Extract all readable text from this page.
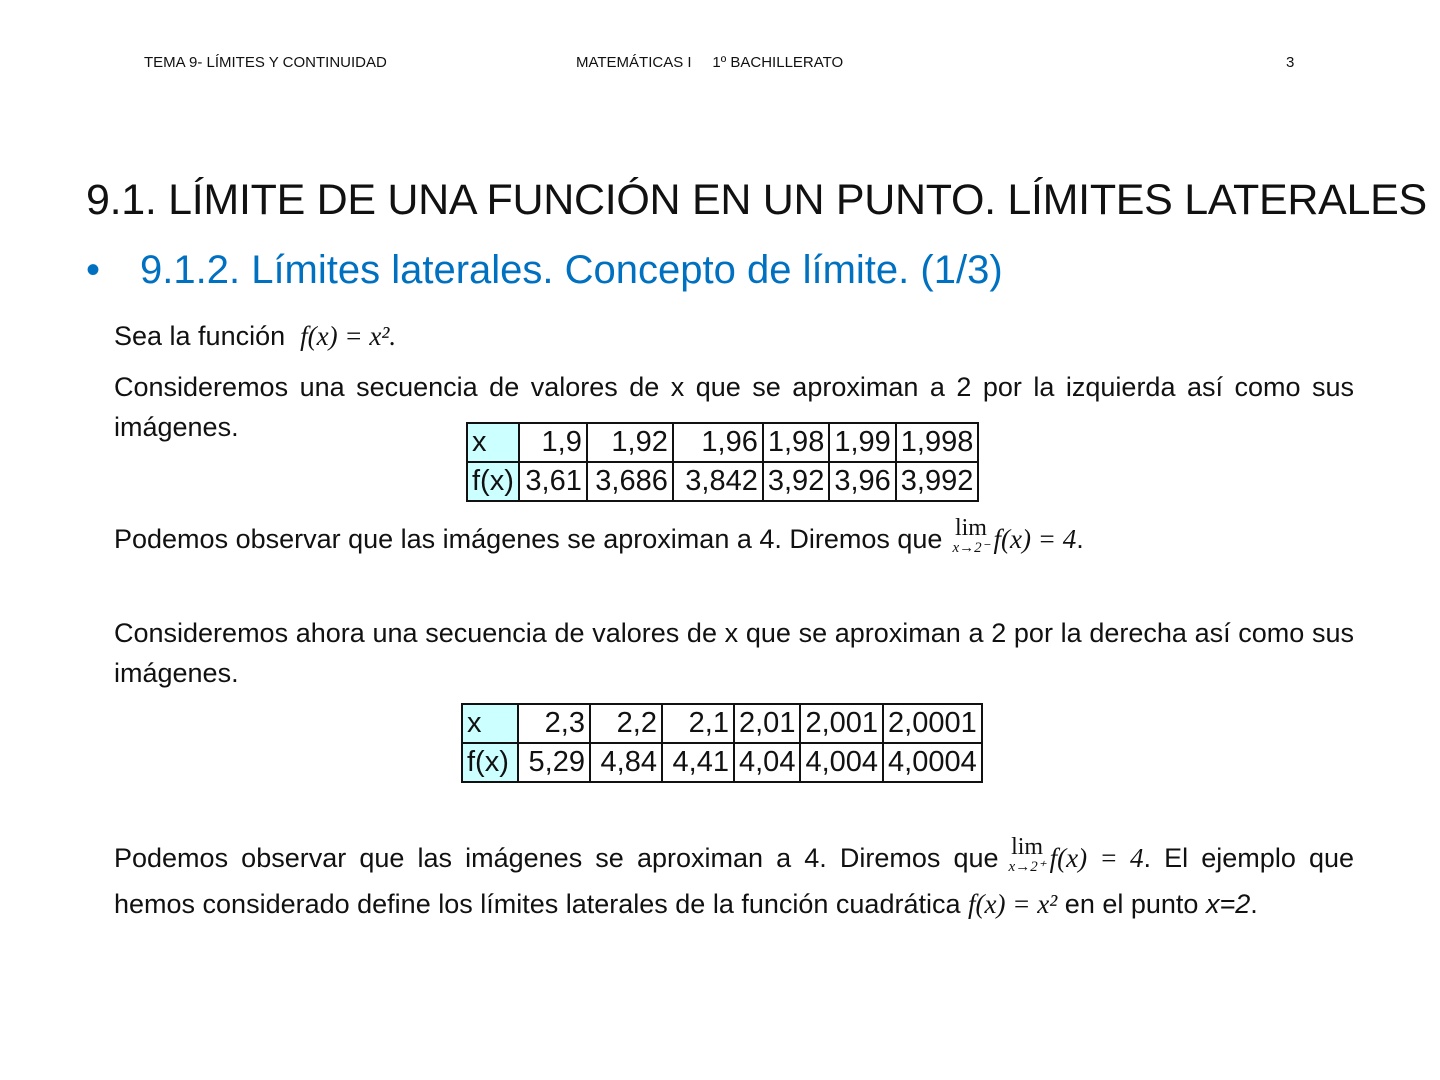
TEMA 9- LÍMITES Y CONTINUIDAD	MATEMÁTICAS I     1º BACHILLERATO	3
9.1. LÍMITE DE UNA FUNCIÓN EN UN PUNTO. LÍMITES LATERALES
• 9.1.2. Límites laterales. Concepto de límite. (1/3)
Sea la función f(x) = x².
Consideremos una secuencia de valores de x que se aproximan a 2 por la izquierda así como sus imágenes.	x	1,9	1,92	1,96	1,98	1,99	1,998
f(x)	3,61	3,686	3,842	3,92	3,96	3,992
Podemos observar que las imágenes se aproximan a 4. Diremos que lim
x→2⁻ f(x) = 4.
Consideremos ahora una secuencia de valores de x que se aproximan a 2 por la derecha así como sus imágenes.
x	2,3	2,2	2,1	2,01	2,001	2,0001
f(x)	5,29	4,84	4,41	4,04	4,004	4,0004
Podemos observar que las imágenes se aproximan a 4. Diremos que lim
x→2⁺ f(x) = 4. El ejemplo que hemos considerado define los límites laterales de la función cuadrática f(x) = x² en el punto x=2.
